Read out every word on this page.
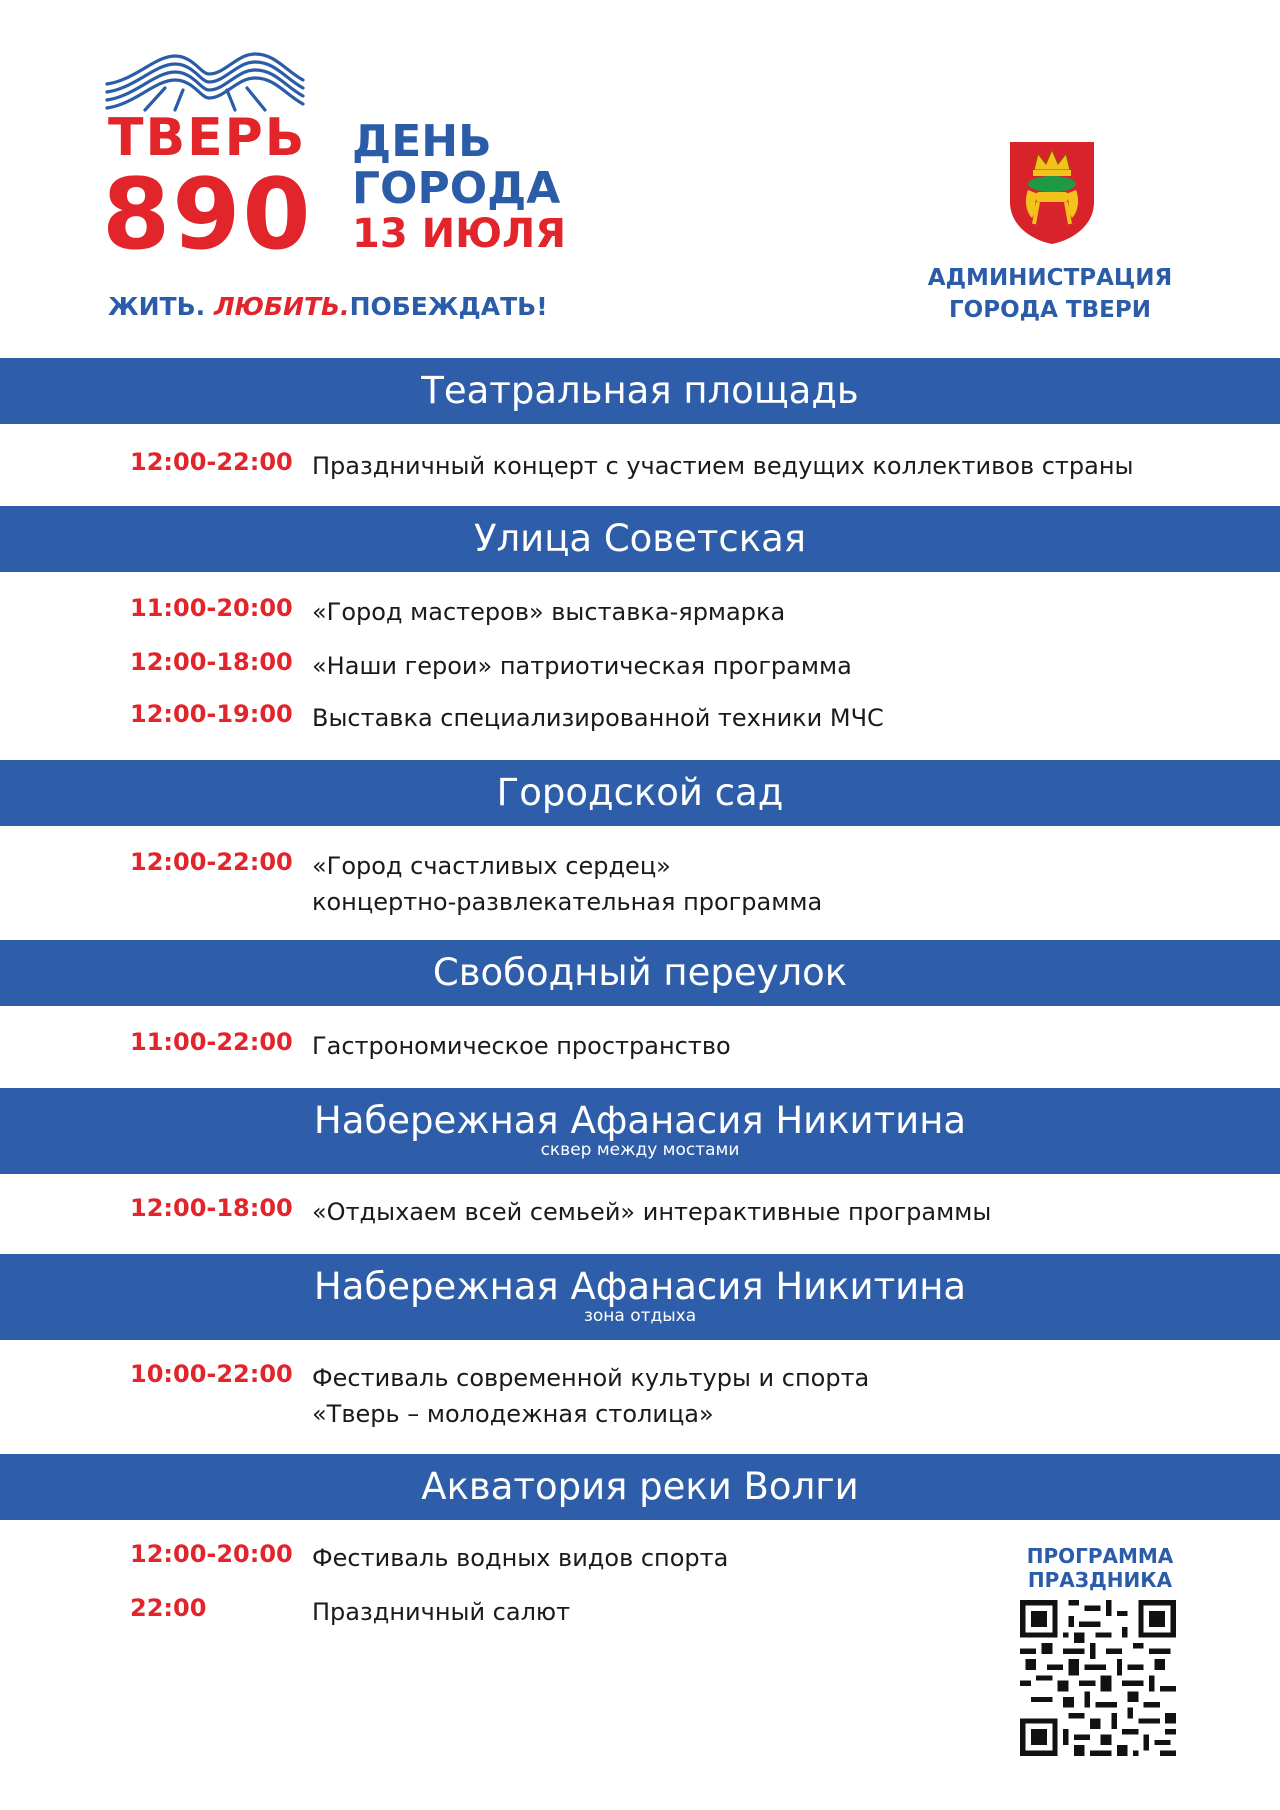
ТВЕРЬ
890
ДЕНЬ
ГОРОДА
13 ИЮЛЯ
ЖИТЬ. ЛЮБИТЬ.ПОБЕЖДАТЬ!
АДМИНИСТРАЦИЯ
ГОРОДА ТВЕРИ
Театральная площадь
12:00-22:00 Праздничный концерт с участием ведущих коллективов страны
Улица Советская
11:00-20:00 «Город мастеров» выставка-ярмарка
12:00-18:00 «Наши герои» патриотическая программа
12:00-19:00 Выставка специализированной техники МЧС
Городской сад
12:00-22:00 «Город счастливых сердец»
концертно-развлекательная программа
Свободный переулок
11:00-22:00 Гастрономическое пространство
Набережная Афанасия Никитина
сквер между мостами
12:00-18:00 «Отдыхаем всей семьей» интерактивные программы
Набережная Афанасия Никитина
зона отдыха
10:00-22:00 Фестиваль современной культуры и спорта
«Тверь – молодежная столица»
Акватория реки Волги
12:00-20:00 Фестиваль водных видов спорта
22:00	Праздничный салют
ПРОГРАММА
ПРАЗДНИКА
